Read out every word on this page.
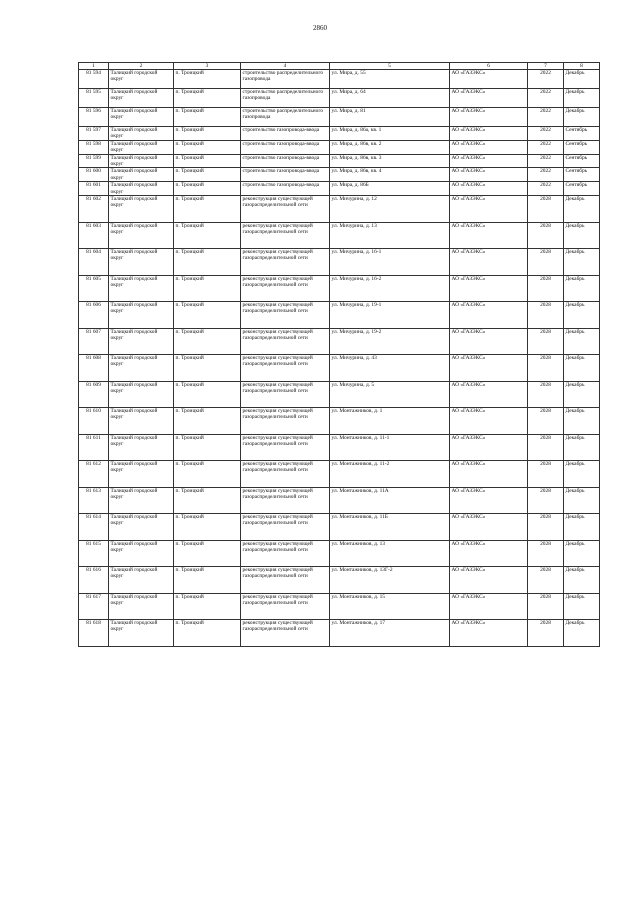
2860
1	2	3	4	5	6	7	8
81 594	Талицкий городской округ	п. Троицкий	строительство распределительного газопровода	ул. Мира, д. 55	АО «ГАЗЭКС»	2022	Декабрь
81 595	Талицкий городской округ	п. Троицкий	строительство распределительного газопровода	ул. Мира, д. 64	АО «ГАЗЭКС»	2022	Декабрь
81 596	Талицкий городской округ	п. Троицкий	строительство распределительного газопровода	ул. Мира, д. 81	АО «ГАЗЭКС»	2022	Декабрь
81 597	Талицкий городской округ	п. Троицкий	строительство газопровода-ввода	ул. Мира, д. 86а, кв. 1	АО «ГАЗЭКС»	2022	Сентябрь
81 598	Талицкий городской округ	п. Троицкий	строительство газопровода-ввода	ул. Мира, д. 86в, кв. 2	АО «ГАЗЭКС»	2022	Сентябрь
81 599	Талицкий городской округ	п. Троицкий	строительство газопровода-ввода	ул. Мира, д. 86в, кв. 3	АО «ГАЗЭКС»	2022	Сентябрь
81 600	Талицкий городской округ	п. Троицкий	строительство газопровода-ввода	ул. Мира, д. 86в, кв. 4	АО «ГАЗЭКС»	2022	Сентябрь
81 601	Талицкий городской округ	п. Троицкий	строительство газопровода-ввода	ул. Мира, д. 86Б	АО «ГАЗЭКС»	2022	Сентябрь
81 602	Талицкий городской округ	п. Троицкий	реконструкция существующей газораспределительной сети	ул. Мичурина, д. 12	АО «ГАЗЭКС»	2028	Декабрь
81 603	Талицкий городской округ	п. Троицкий	реконструкция существующей газораспределительной сети	ул. Мичурина, д. 13	АО «ГАЗЭКС»	2028	Декабрь
81 604	Талицкий городской округ	п. Троицкий	реконструкция существующей газораспределительной сети	ул. Мичурина, д. 16-1	АО «ГАЗЭКС»	2028	Декабрь
81 605	Талицкий городской округ	п. Троицкий	реконструкция существующей газораспределительной сети	ул. Мичурина, д. 16-2	АО «ГАЗЭКС»	2028	Декабрь
81 606	Талицкий городской округ	п. Троицкий	реконструкция существующей газораспределительной сети	ул. Мичурина, д. 19-1	АО «ГАЗЭКС»	2028	Декабрь
81 607	Талицкий городской округ	п. Троицкий	реконструкция существующей газораспределительной сети	ул. Мичурина, д. 19-2	АО «ГАЗЭКС»	2028	Декабрь
81 608	Талицкий городской округ	п. Троицкий	реконструкция существующей газораспределительной сети	ул. Мичурина, д. 43	АО «ГАЗЭКС»	2028	Декабрь
81 609	Талицкий городской округ	п. Троицкий	реконструкция существующей газораспределительной сети	ул. Мичурина, д. 5	АО «ГАЗЭКС»	2028	Декабрь
81 610	Талицкий городской округ	п. Троицкий	реконструкция существующей газораспределительной сети	ул. Монтажников, д. 1	АО «ГАЗЭКС»	2028	Декабрь
81 611	Талицкий городской округ	п. Троицкий	реконструкция существующей газораспределительной сети	ул. Монтажников, д. 11-1	АО «ГАЗЭКС»	2028	Декабрь
81 612	Талицкий городской округ	п. Троицкий	реконструкция существующей газораспределительной сети	ул. Монтажников, д. 11-2	АО «ГАЗЭКС»	2028	Декабрь
81 613	Талицкий городской округ	п. Троицкий	реконструкция существующей газораспределительной сети	ул. Монтажников, д. 11А	АО «ГАЗЭКС»	2028	Декабрь
81 614	Талицкий городской округ	п. Троицкий	реконструкция существующей газораспределительной сети	ул. Монтажников, д. 11Б	АО «ГАЗЭКС»	2028	Декабрь
81 615	Талицкий городской округ	п. Троицкий	реконструкция существующей газораспределительной сети	ул. Монтажников, д. 13	АО «ГАЗЭКС»	2028	Декабрь
81 616	Талицкий городской округ	п. Троицкий	реконструкция существующей газораспределительной сети	ул. Монтажников, д. 13Г-2	АО «ГАЗЭКС»	2028	Декабрь
81 617	Талицкий городской округ	п. Троицкий	реконструкция существующей газораспределительной сети	ул. Монтажников, д. 15	АО «ГАЗЭКС»	2028	Декабрь
81 618	Талицкий городской округ	п. Троицкий	реконструкция существующей газораспределительной сети	ул. Монтажников, д. 17	АО «ГАЗЭКС»	2028	Декабрь
